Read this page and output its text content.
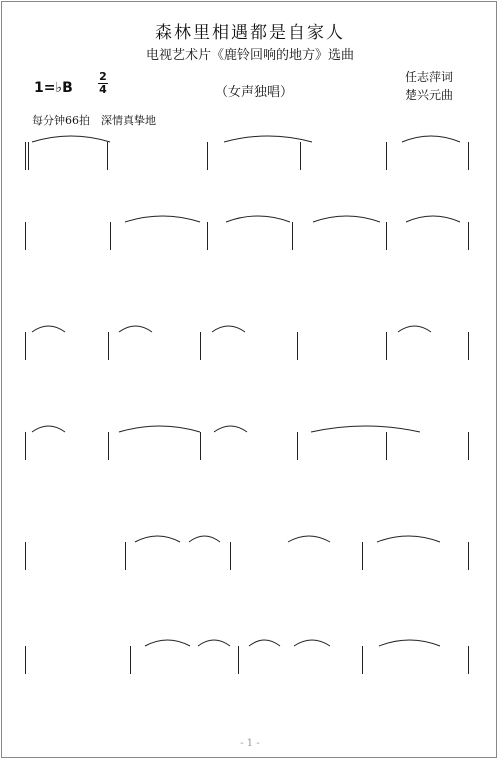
森林里相遇都是自家人
电视艺术片《鹿铃回响的地方》选曲
1=♭B
2
4	（女声独唱）
任志萍词
楚兴元曲
每分钟66拍　深情真挚地
- 1 -
